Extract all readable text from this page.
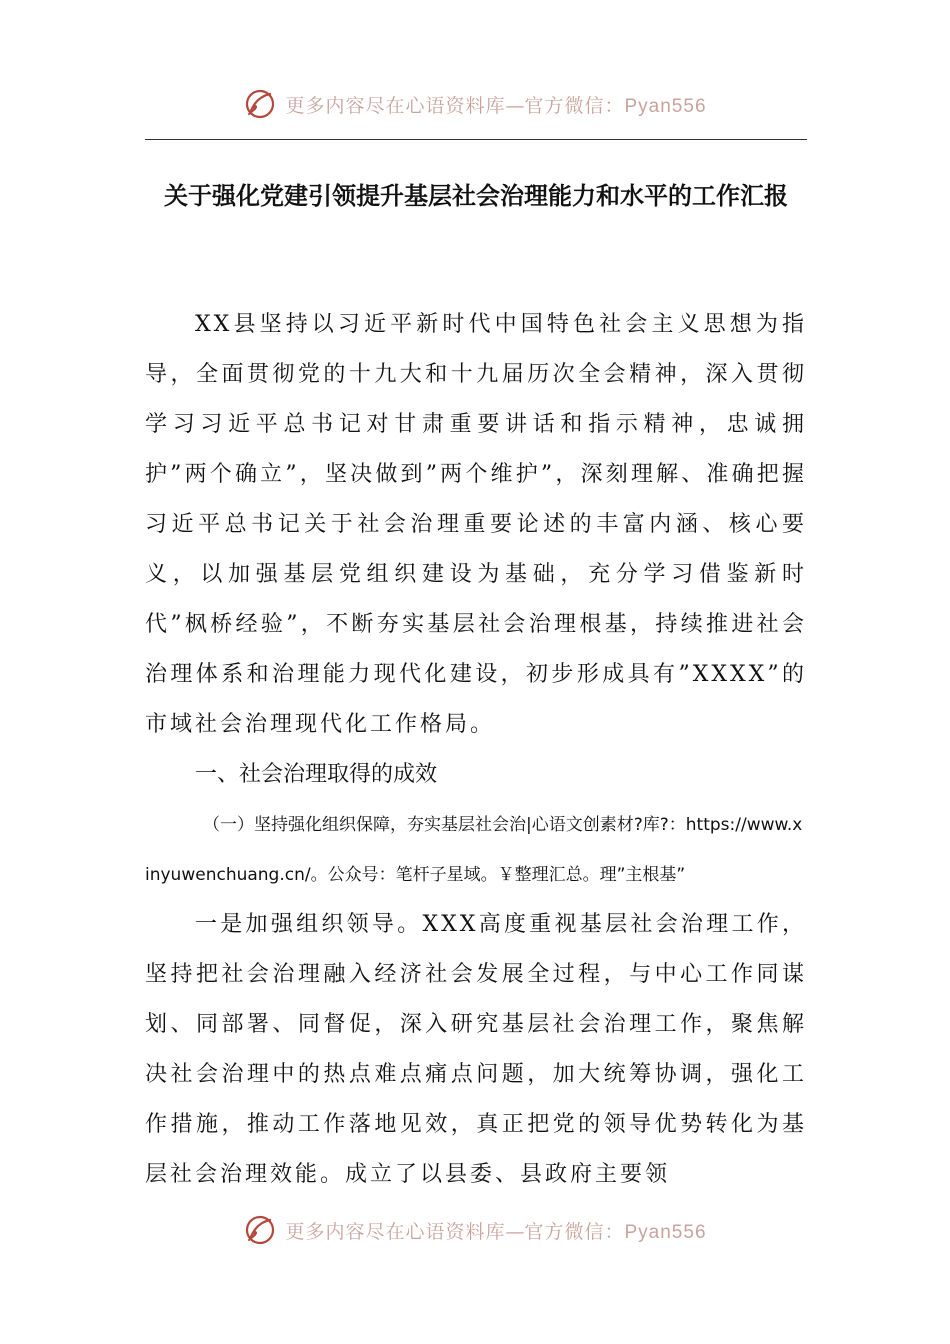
更多内容尽在心语资料库—官方微信：Pyan556
关于强化党建引领提升基层社会治理能力和水平的工作汇报

XX县坚持以习近平新时代中国特色社会主义思想为指导，全面贯彻党的十九大和十九届历次全会精神，深入贯彻学习习近平总书记对甘肃重要讲话和指示精神，忠诚拥护”两个确立”，坚决做到”两个维护”，深刻理解、准确把握习近平总书记关于社会治理重要论述的丰富内涵、核心要义，以加强基层党组织建设为基础，充分学习借鉴新时代”枫桥经验”，不断夯实基层社会治理根基，持续推进社会治理体系和治理能力现代化建设，初步形成具有”XXXX”的市域社会治理现代化工作格局。

一、社会治理取得的成效

（一）坚持强化组织保障，夯实基层社会治|心语文创素材?库?：https://www.xinyuwenchuang.cn/。公众号：笔杆子星域。￥整理汇总。理”主根基”

一是加强组织领导。XXX高度重视基层社会治理工作，坚持把社会治理融入经济社会发展全过程，与中心工作同谋划、同部署、同督促，深入研究基层社会治理工作，聚焦解决社会治理中的热点难点痛点问题，加大统筹协调，强化工作措施，推动工作落地见效，真正把党的领导优势转化为基层社会治理效能。成立了以县委、县政府主要领

更多内容尽在心语资料库—官方微信：Pyan556
